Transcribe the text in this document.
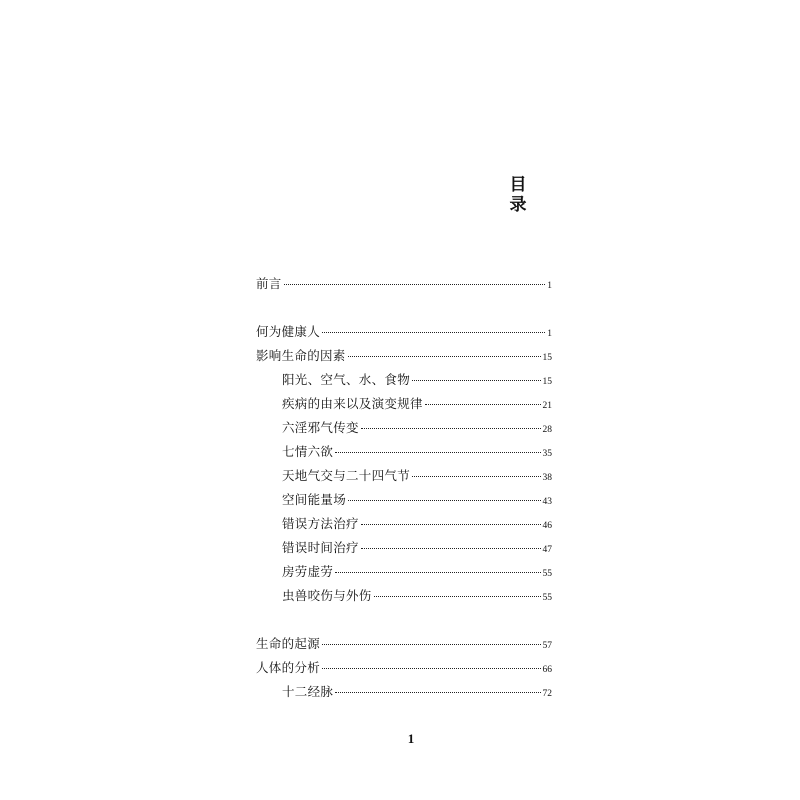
目 录
前言	1
何为健康人	1
影响生命的因素	15
阳光、空气、水、食物	15
疾病的由来以及演变规律	21
六淫邪气传变	28
七情六欲	35
天地气交与二十四气节	38
空间能量场	43
错误方法治疗	46
错误时间治疗	47
房劳虚劳	55
虫兽咬伤与外伤	55
生命的起源	57
人体的分析	66
十二经脉	72
1
